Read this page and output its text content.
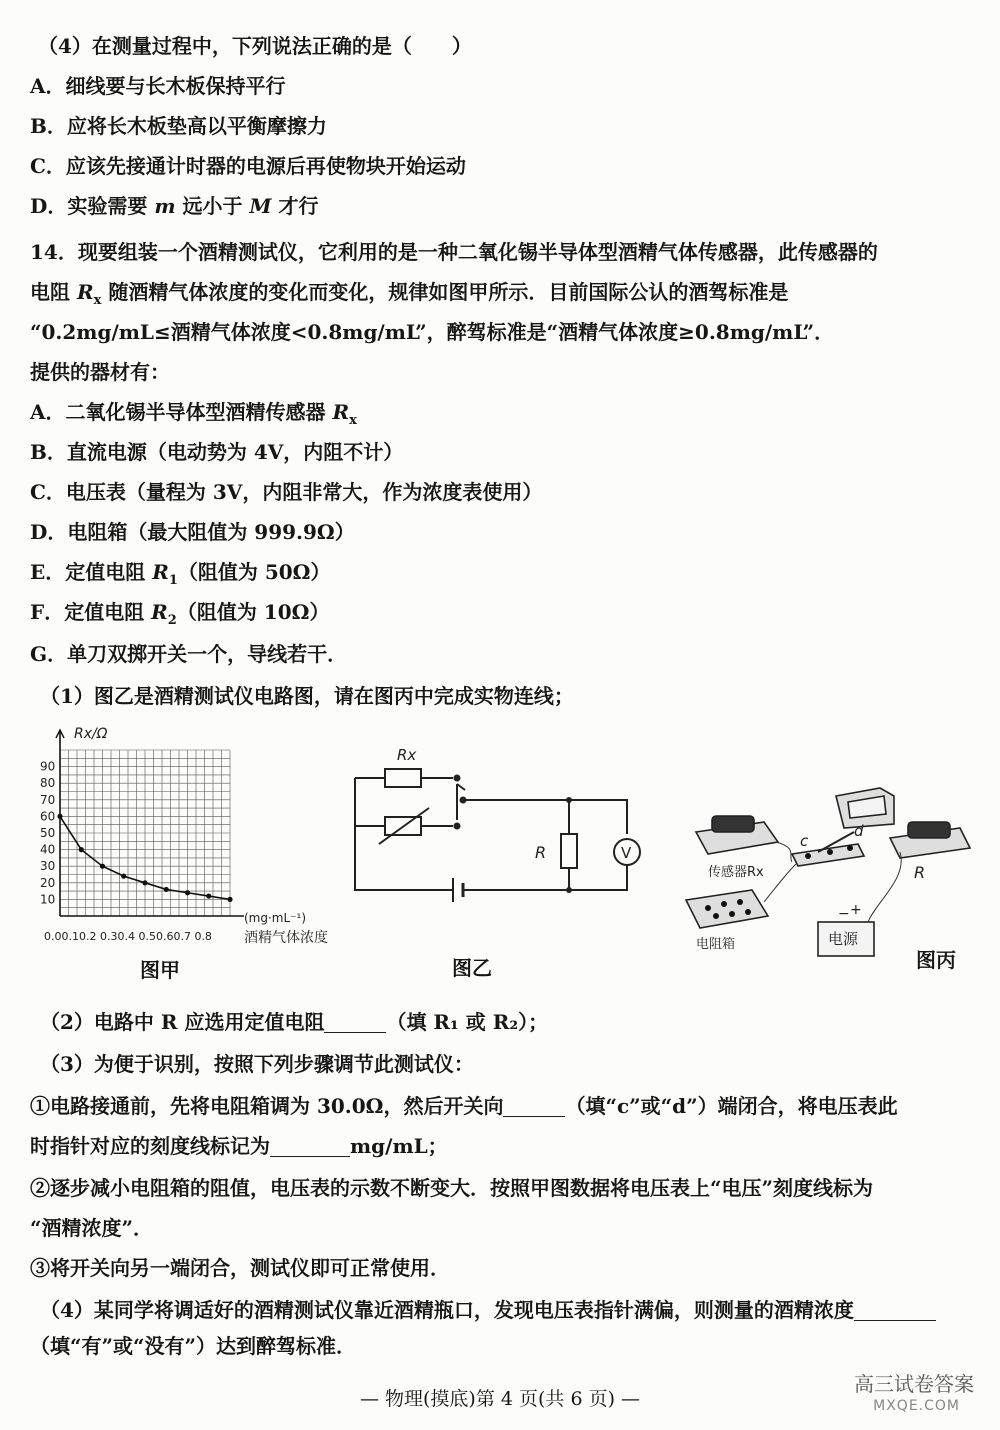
（4）在测量过程中，下列说法正确的是（　　）
A．细线要与长木板保持平行
B．应将长木板垫高以平衡摩擦力
C．应该先接通计时器的电源后再使物块开始运动
D．实验需要 m 远小于 M 才行
14．现要组装一个酒精测试仪，它利用的是一种二氧化锡半导体型酒精气体传感器，此传感器的
电阻 $R_x$ 随酒精气体浓度的变化而变化，规律如图甲所示．目前国际公认的酒驾标准是
“0.2mg/mL≤酒精气体浓度<0.8mg/mL”，醉驾标准是“酒精气体浓度≥0.8mg/mL”．
提供的器材有：
A．二氧化锡半导体型酒精传感器 $R_x$
B．直流电源（电动势为 4V，内阻不计）
C．电压表（量程为 3V，内阻非常大，作为浓度表使用）
D．电阻箱（最大阻值为 999.9Ω）
E．定值电阻 $R_1$（阻值为 50Ω）
F．定值电阻 $R_2$（阻值为 10Ω）
G．单刀双掷开关一个，导线若干．
（1）图乙是酒精测试仪电路图，请在图丙中完成实物连线；
Rx/Ω
10
20
30
40
50
60
70
80
90
0.00.10.2 0.30.4 0.50.60.7 0.8
(mg·mL⁻¹)
酒精气体浓度
图甲
V
Rx
R
图乙
传感器Rx
电阻箱	电源
R
c
d
+
−
图丙
（2）电路中 R 应选用定值电阻	（填 R₁ 或 R₂）；
（3）为便于识别，按照下列步骤调节此测试仪：
①电路接通前，先将电阻箱调为 30.0Ω，然后开关向	（填“c”或“d”）端闭合，将电压表此
时指针对应的刻度线标记为	mg/mL；
②逐步减小电阻箱的阻值，电压表的示数不断变大．按照甲图数据将电压表上“电压”刻度线标为
“酒精浓度”．
③将开关向另一端闭合，测试仪即可正常使用．
（4）某同学将调适好的酒精测试仪靠近酒精瓶口，发现电压表指针满偏，则测量的酒精浓度
（填“有”或“没有”）达到醉驾标准．
— 物理(摸底)第 4 页(共 6 页) —
高三试卷答案
MXQE.COM
